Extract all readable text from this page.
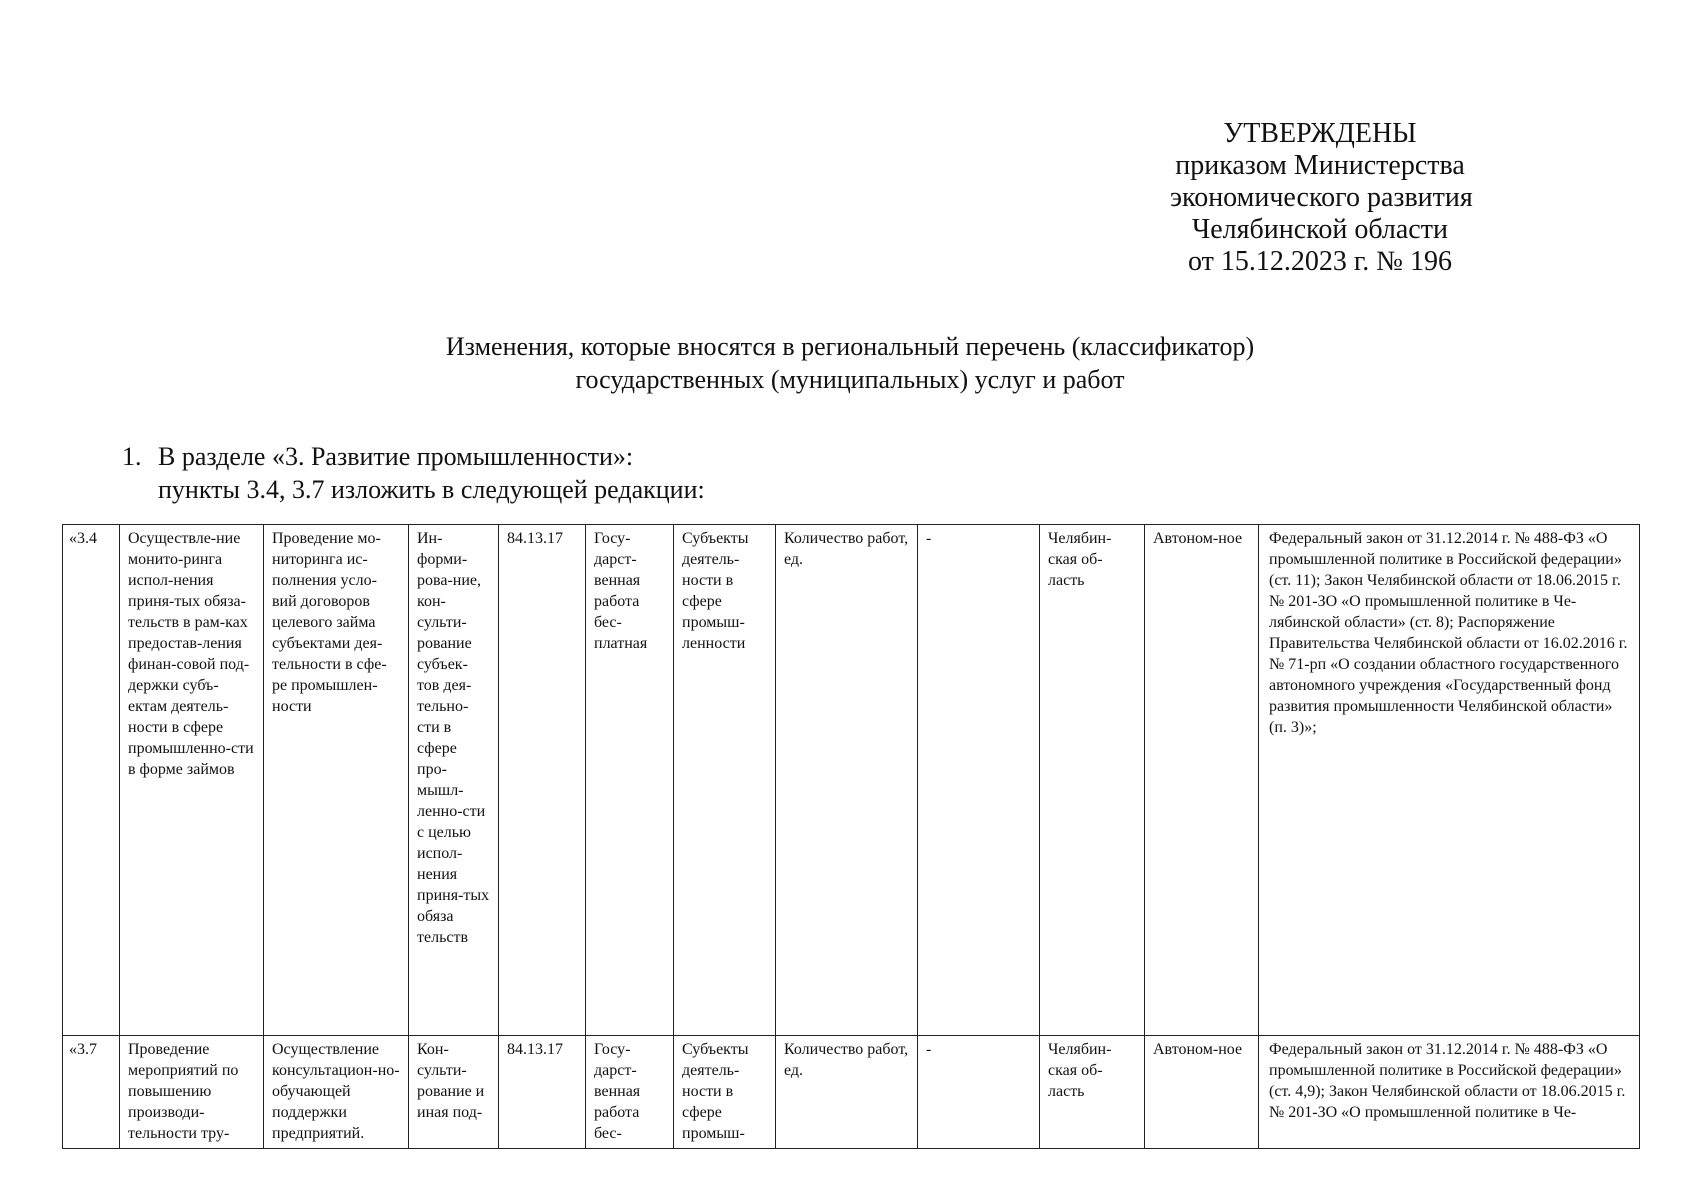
УТВЕРЖДЕНЫ
приказом Министерства
экономического развития
Челябинской области
от 15.12.2023 г. № 196
Изменения, которые вносятся в региональный перечень (классификатор)
государственных (муниципальных) услуг и работ
1. В разделе «3. Развитие промышленности»:
пункты 3.4, 3.7 изложить в следующей редакции:
«3.4	Осуществле-ние монито-ринга испол-нения приня-тых обяза-тельств в рам-ках предостав-ления финан-совой под-держки субъ-ектам деятель-ности в сфере промышленно-сти в форме займов	Проведение мо-ниторинга ис-полнения усло-вий договоров целевого займа субъектами дея-тельности в сфе-ре промышлен-ности	Ин-форми-рова-ние, кон-сульти-рование субъек-тов дея-тельно-сти в сфере про-мышл-ленно-сти с целью испол-нения приня-тых обяза тельств	84.13.17	Госу-дарст-венная работа бес-платная	Субъекты деятель-ности в сфере промыш-ленности	Количество работ, ед.	-	Челябин-ская об-ласть	Автоном-ное	Федеральный закон от 31.12.2014 г. № 488-ФЗ «О промышленной политике в Российской федерации» (ст. 11); Закон Челябинской области от 18.06.2015 г. № 201-ЗО «О промышленной политике в Че-лябинской области» (ст. 8); Распоряжение Правительства Челябинской области от 16.02.2016 г. № 71-рп «О создании областного государственного автономного учреждения «Государственный фонд развития промышленности Челябинской области» (п. 3)»;

«3.7	Проведение мероприятий по повышению производи-тельности тру-	Осуществление консультацион-но-обучающей поддержки предприятий.	Кон-сульти-рование и иная под-	84.13.17	Госу-дарст-венная работа бес-	Субъекты деятель-ности в сфере промыш-	Количество работ, ед.	-	Челябин-ская об-ласть	Автоном-ное	Федеральный закон от 31.12.2014 г. № 488-ФЗ «О промышленной политике в Российской федерации» (ст. 4,9); Закон Челябинской области от 18.06.2015 г. № 201-ЗО «О промышленной политике в Че-
